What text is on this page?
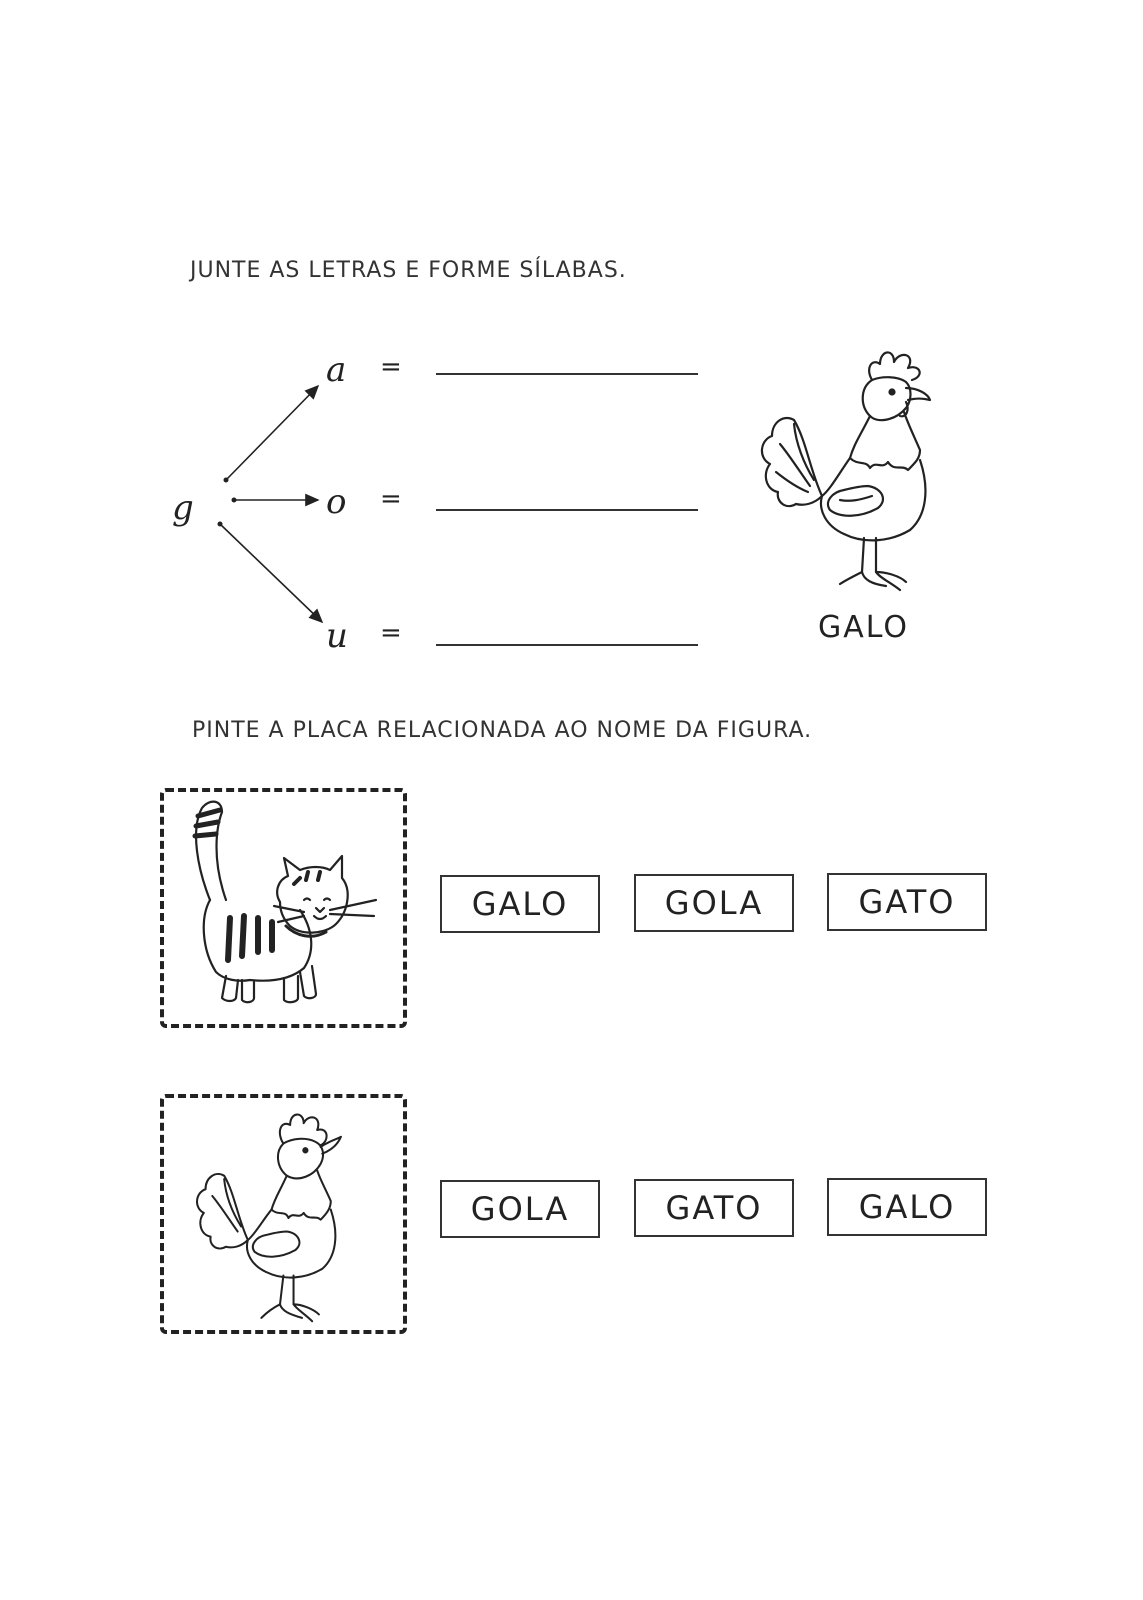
JUNTE AS LETRAS E FORME SÍLABAS.
g
a =
o =
u =	GALO
PINTE A PLACA RELACIONADA AO NOME DA FIGURA.
GALO	GOLA	GATO
GOLA	GATO	GALO
